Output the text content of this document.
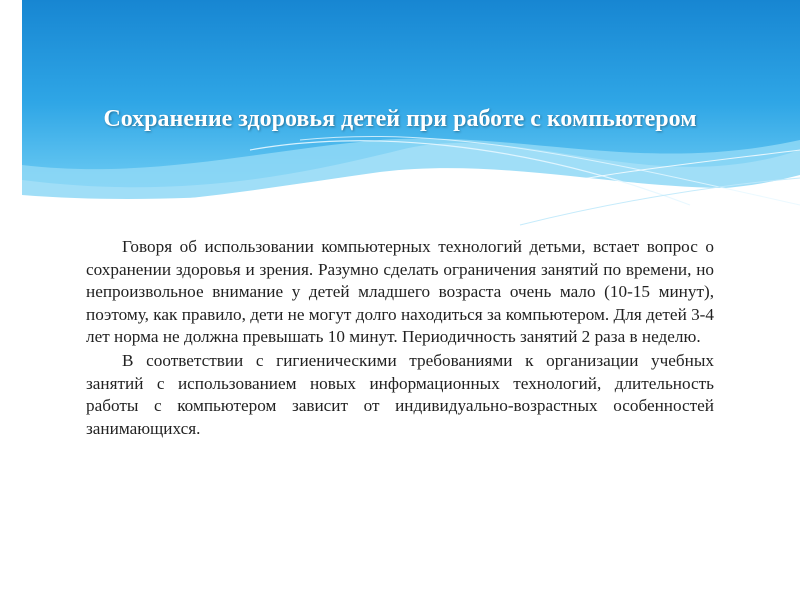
Сохранение здоровья детей при работе с компьютером

Говоря об использовании компьютерных технологий детьми, встает вопрос о сохранении здоровья и зрения. Разумно сделать ограничения занятий по времени, но непроизвольное внимание у детей младшего возраста очень мало (10-15 минут), поэтому, как правило, дети не могут долго находиться за компьютером. Для детей 3-4 лет норма не должна превышать 10 минут. Периодичность занятий 2 раза в неделю.

В соответствии с гигиеническими требованиями к организации учебных занятий с использованием новых информационных технологий, длительность работы с компьютером зависит от индивидуально-возрастных особенностей занимающихся.
